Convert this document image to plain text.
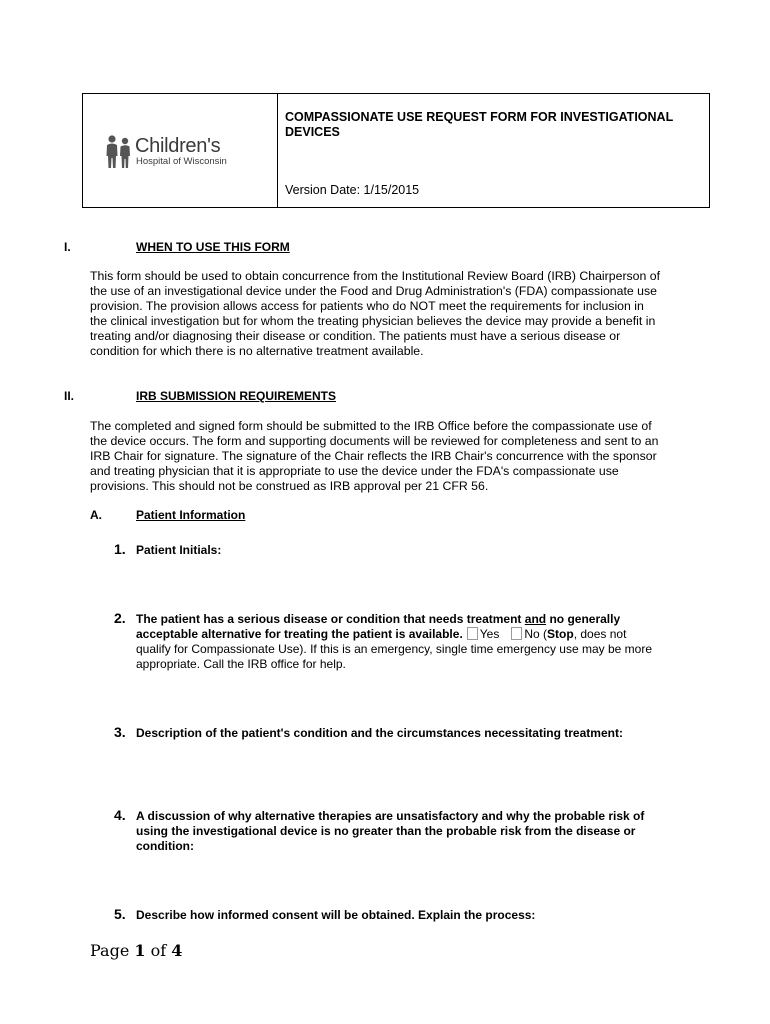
Children's
Hospital of Wisconsin
COMPASSIONATE USE REQUEST FORM FOR INVESTIGATIONAL
DEVICES
Version Date: 1/15/2015
I.	WHEN TO USE THIS FORM
This form should be used to obtain concurrence from the Institutional Review Board (IRB) Chairperson of
the use of an investigational device under the Food and Drug Administration's (FDA) compassionate use
provision. The provision allows access for patients who do NOT meet the requirements for inclusion in
the clinical investigation but for whom the treating physician believes the device may provide a benefit in
treating and/or diagnosing their disease or condition. The patients must have a serious disease or
condition for which there is no alternative treatment available.
II.	IRB SUBMISSION REQUIREMENTS
The completed and signed form should be submitted to the IRB Office before the compassionate use of
the device occurs. The form and supporting documents will be reviewed for completeness and sent to an
IRB Chair for signature. The signature of the Chair reflects the IRB Chair's concurrence with the sponsor
and treating physician that it is appropriate to use the device under the FDA's compassionate use
provisions. This should not be construed as IRB approval per 21 CFR 56.
A.	Patient Information
1. Patient Initials:
2. The patient has a serious disease or condition that needs treatment and no generally
acceptable alternative for treating the patient is available. Yes No (Stop, does not
qualify for Compassionate Use). If this is an emergency, single time emergency use may be more
appropriate. Call the IRB office for help.
3. Description of the patient's condition and the circumstances necessitating treatment:
4. A discussion of why alternative therapies are unsatisfactory and why the probable risk of
using the investigational device is no greater than the probable risk from the disease or
condition:
5. Describe how informed consent will be obtained. Explain the process:
Page 1 of 4
